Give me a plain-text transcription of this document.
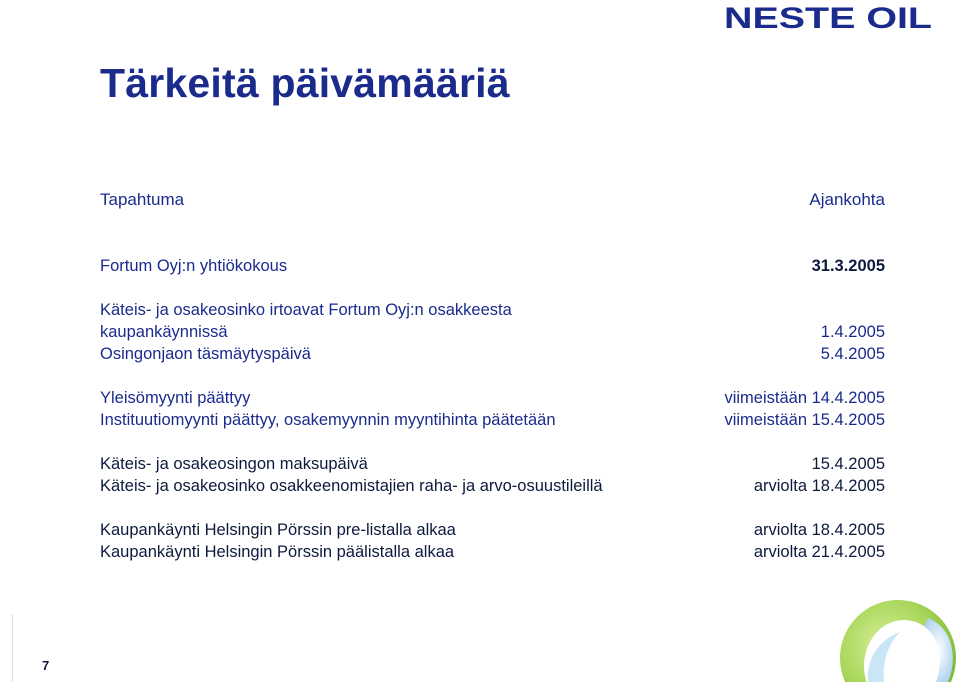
NESTE OIL
Tärkeitä päivämääriä
Tapahtuma	Ajankohta
Fortum Oyj:n yhtiökokous	31.3.2005
Käteis- ja osakeosinko irtoavat Fortum Oyj:n osakkeesta
kaupankäynnissä	1.4.2005
Osingonjaon täsmäytyspäivä	5.4.2005
Yleisömyynti päättyy	viimeistään 14.4.2005
Instituutiomyynti päättyy, osakemyynnin myyntihinta päätetään	viimeistään 15.4.2005
Käteis- ja osakeosingon maksupäivä	15.4.2005
Käteis- ja osakeosinko osakkeenomistajien raha- ja arvo-osuustileillä	arviolta 18.4.2005
Kaupankäynti Helsingin Pörssin pre-listalla alkaa	arviolta 18.4.2005
Kaupankäynti Helsingin Pörssin päälistalla alkaa	arviolta 21.4.2005
7
